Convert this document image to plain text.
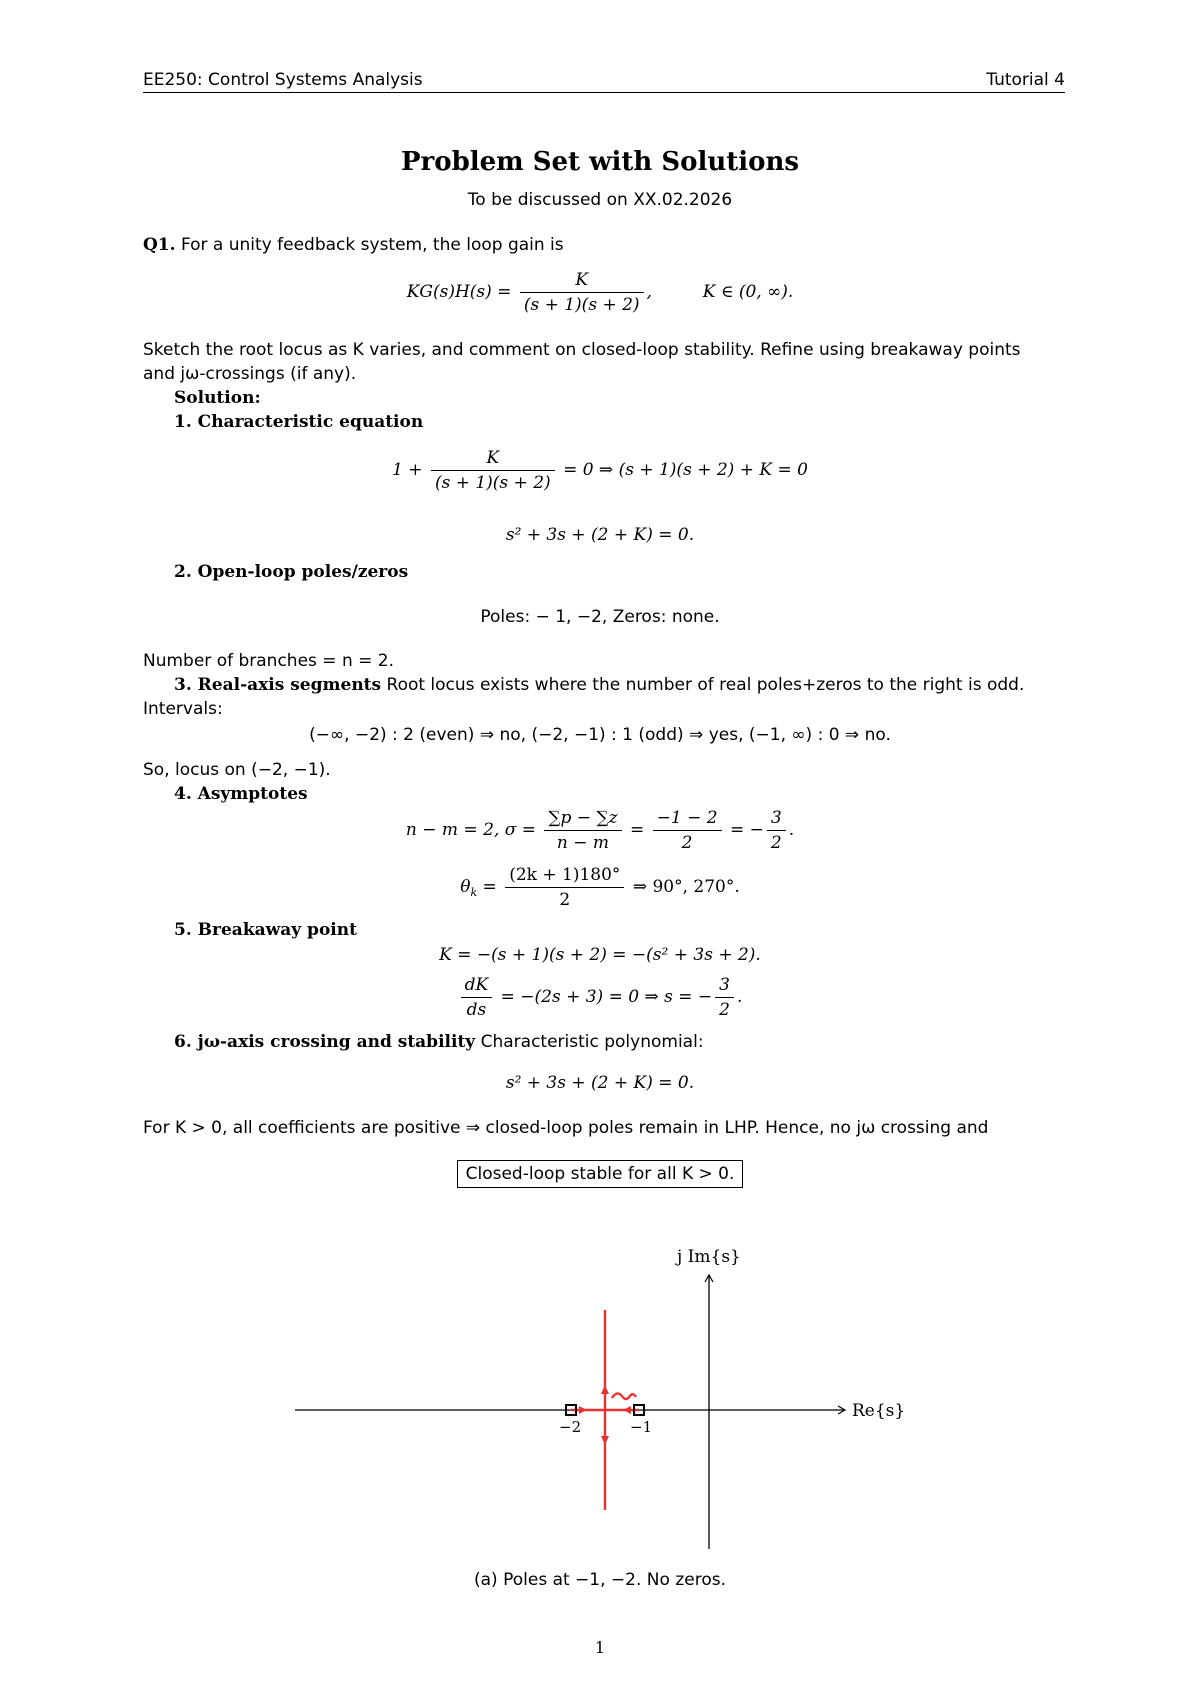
EE250: Control Systems Analysis	Tutorial 4
Problem Set with Solutions
To be discussed on XX.02.2026
Q1. For a unity feedback system, the loop gain is
$KG(s)H(s) = \frac{K}{(s + 1)(s + 2)}$ ,	K ∈ (0, ∞).
Sketch the root locus as K varies, and comment on closed-loop stability. Refine using breakaway points
and jω-crossings (if any).
Solution:
1. Characteristic equation
$1 + \frac{K}{(s + 1)(s + 2)} = 0$ ⇒ (s + 1)(s + 2) + K = 0
s² + 3s + (2 + K) = 0.
2. Open-loop poles/zeros
Poles: − 1, −2, Zeros: none.
Number of branches = n = 2.
3. Real-axis segments Root locus exists where the number of real poles+zeros to the right is odd.
Intervals:
(−∞, −2) : 2 (even) ⇒ no, (−2, −1) : 1 (odd) ⇒ yes, (−1, ∞) : 0 ⇒ no.
So, locus on (−2, −1).
4. Asymptotes
n − m = 2, $\sigma = \frac{\sum p - \sum z}{n - m} = \frac{-1 - 2}{2}$ = − $\frac{3}{2}$ .
$\theta_k = \frac{(2k + 1)180^\circ}{2}$ ⇒ 90°, 270°.
5. Breakaway point
K = −(s + 1)(s + 2) = −(s² + 3s + 2).
$\frac{dK}{ds} = -(2s + 3) = 0$ ⇒ s = − $\frac{3}{2}$ .
6. jω-axis crossing and stability Characteristic polynomial:
s² + 3s + (2 + K) = 0.
For K > 0, all coefficients are positive ⇒ closed-loop poles remain in LHP. Hence, no jω crossing and
Closed-loop stable for all K > 0.
j Im{s}
Re{s}
−2	−1
(a) Poles at −1, −2. No zeros.
1
